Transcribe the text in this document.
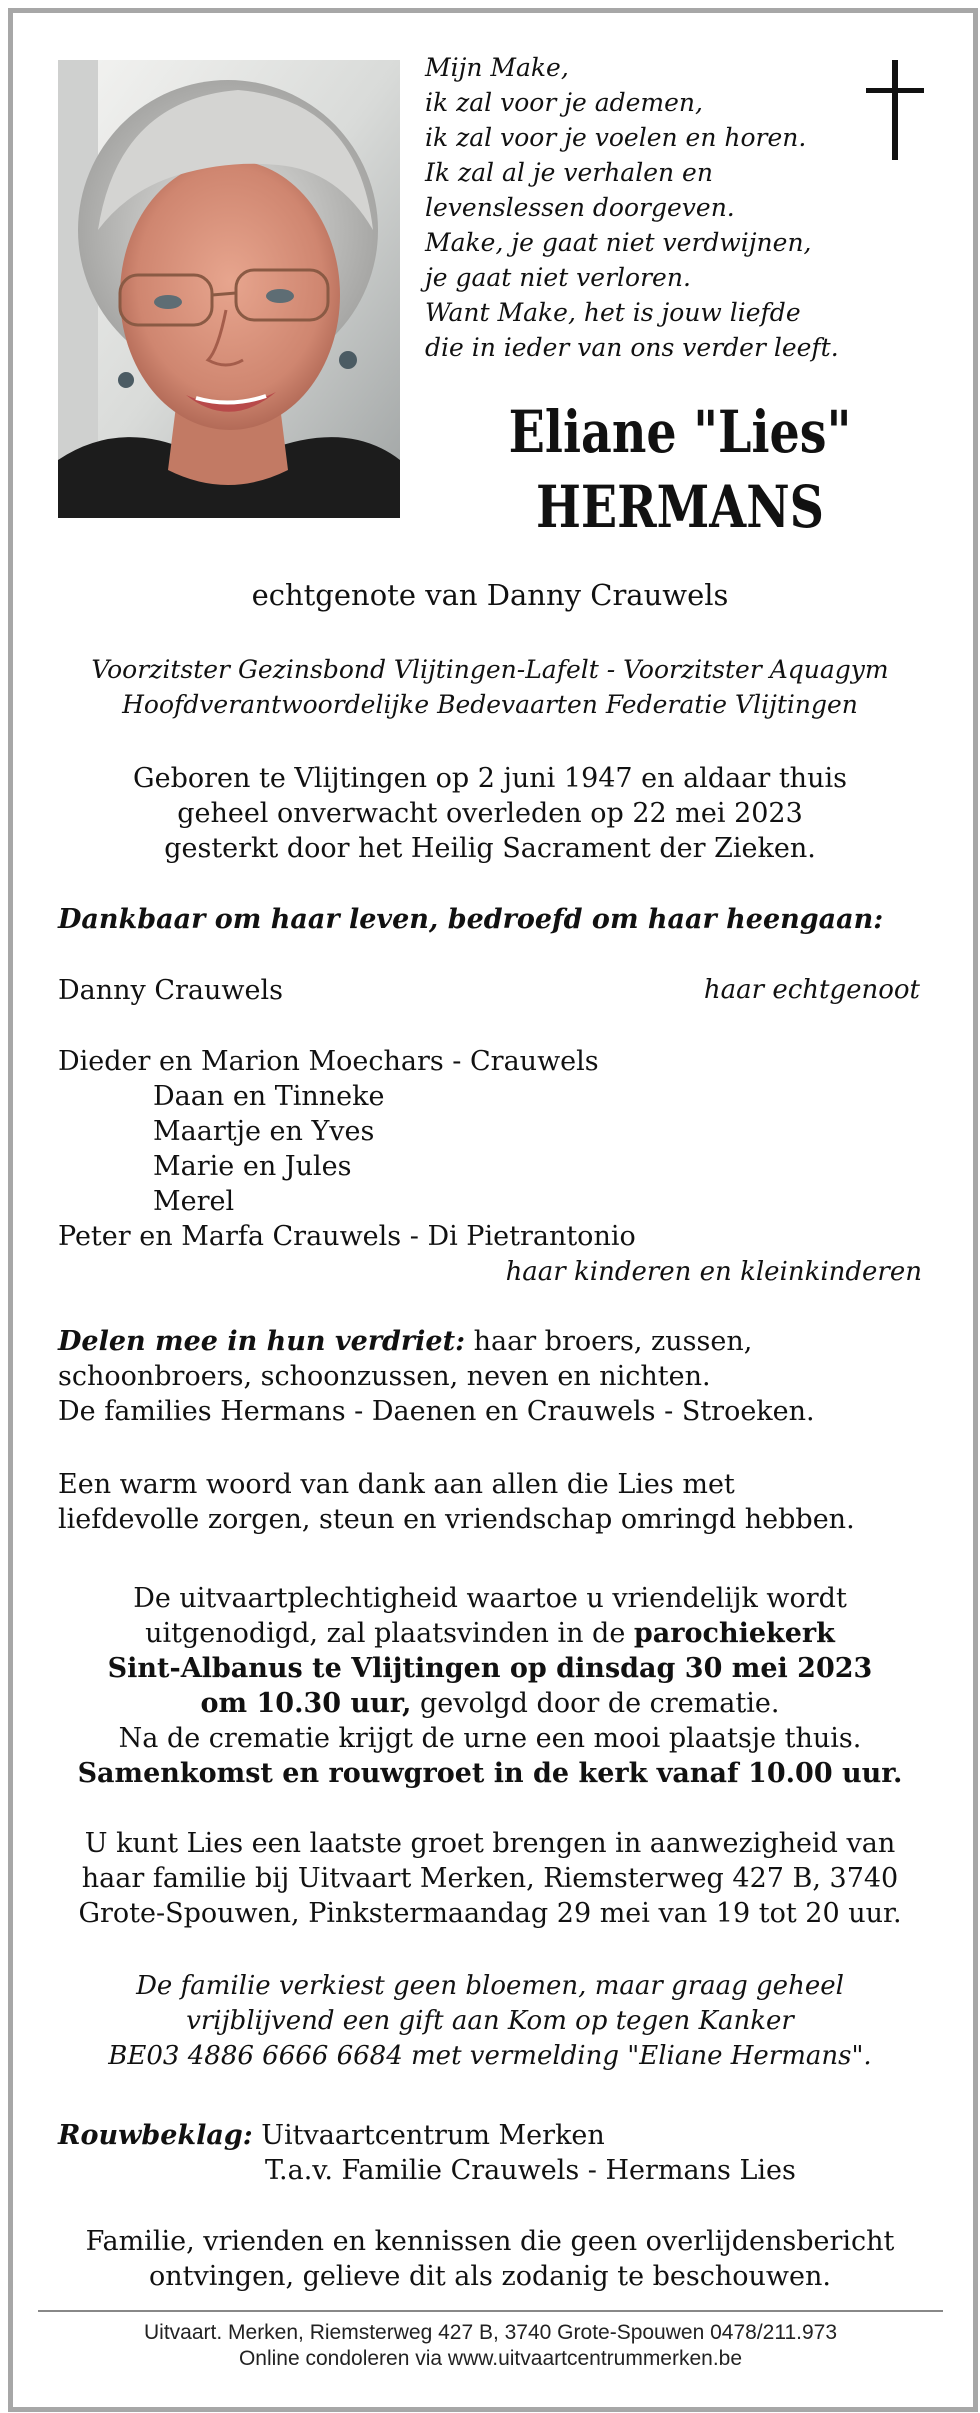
Mijn Make,
ik zal voor je ademen,
ik zal voor je voelen en horen.
Ik zal al je verhalen en
levenslessen doorgeven.
Make, je gaat niet verdwijnen,
je gaat niet verloren.
Want Make, het is jouw liefde
die in ieder van ons verder leeft.
Eliane "Lies"
HERMANS
echtgenote van Danny Crauwels
Voorzitster Gezinsbond Vlijtingen-Lafelt - Voorzitster Aquagym
Hoofdverantwoordelijke Bedevaarten Federatie Vlijtingen
Geboren te Vlijtingen op 2 juni 1947 en aldaar thuis
geheel onverwacht overleden op 22 mei 2023
gesterkt door het Heilig Sacrament der Zieken.
Dankbaar om haar leven, bedroefd om haar heengaan:
Danny Crauwels	haar echtgenoot
Dieder en Marion Moechars - Crauwels
Daan en Tinneke
Maartje en Yves
Marie en Jules
Merel
Peter en Marfa Crauwels - Di Pietrantonio
haar kinderen en kleinkinderen
Delen mee in hun verdriet: haar broers, zussen,
schoonbroers, schoonzussen, neven en nichten.
De families Hermans - Daenen en Crauwels - Stroeken.
Een warm woord van dank aan allen die Lies met
liefdevolle zorgen, steun en vriendschap omringd hebben.
De uitvaartplechtigheid waartoe u vriendelijk wordt
uitgenodigd, zal plaatsvinden in de parochiekerk
Sint-Albanus te Vlijtingen op dinsdag 30 mei 2023
om 10.30 uur, gevolgd door de crematie.
Na de crematie krijgt de urne een mooi plaatsje thuis.
Samenkomst en rouwgroet in de kerk vanaf 10.00 uur.
U kunt Lies een laatste groet brengen in aanwezigheid van
haar familie bij Uitvaart Merken, Riemsterweg 427 B, 3740
Grote-Spouwen, Pinkstermaandag 29 mei van 19 tot 20 uur.
De familie verkiest geen bloemen, maar graag geheel
vrijblijvend een gift aan Kom op tegen Kanker
BE03 4886 6666 6684 met vermelding "Eliane Hermans".
Rouwbeklag: Uitvaartcentrum Merken
T.a.v. Familie Crauwels - Hermans Lies
Familie, vrienden en kennissen die geen overlijdensbericht
ontvingen, gelieve dit als zodanig te beschouwen.
Uitvaart. Merken, Riemsterweg 427 B, 3740 Grote-Spouwen 0478/211.973
Online condoleren via www.uitvaartcentrummerken.be
